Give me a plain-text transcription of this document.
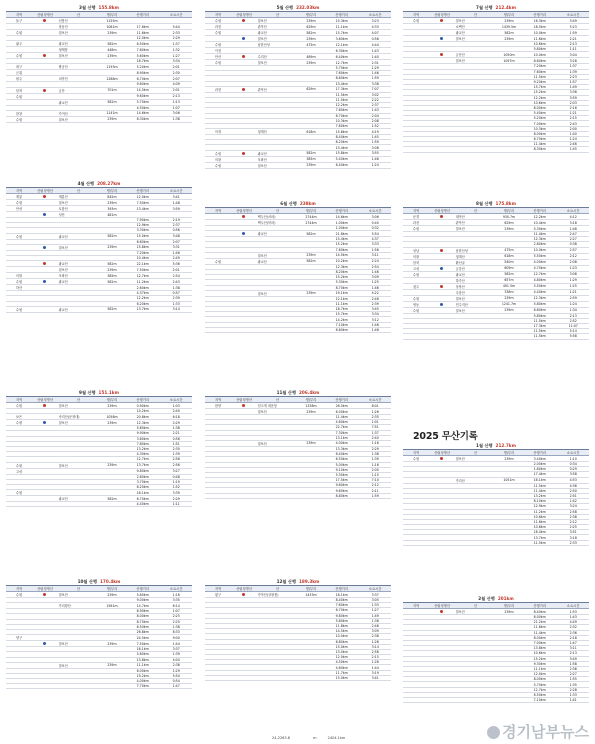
3월 산행 155.8km
지역	산림청명산	산	명/부리	산행거리	소요시간
둘구		선봉산	1155m		
		창동산	1081m	17.6km	5:44
수원		칠보산	239m	11.6km	2:33
				12.0km	2:29
광주		광교산	582m	6.50km	1:37
		형제봉	448m	7.60km	1:32
수원		칠보산	239m	5.60km	1:27
				16.7km	3:34
대구		팔공산	1193m	5.20km	2:01
군위				8.90km	2:30
원주		치악산	1288m	6.70km	2:07
				9.60km	4:09
삼척		금산	701m	14.5km	2:01
수원				9.60km	2:13
		광교산	582m	5.70km	1:13
				4.50km	1:07
함창		가여산	1141m	14.6km	3:06
수원		칠보산	239m	6.30km	1:38
4월 산행 208.27km
지역	산림청명산	산	명/부리	산행거리	소요시간
계룡		계룡산	845m	12.0km	3:41
수원		칠보산	239m	7.50km	1:48
안성		토함산	393m	13.4km	3:59
		성산	481m		
				7.90km	2:19
				12.9km	2:37
				3.30km	0:56
수원		광교산	582m	15.0km	3:48
				6.60km	2:07
		칠보산	239m	15.8km	3:31
				7.20km	1:46
				10.4km	2:49
		광교산	582m	22.1km	5:36
		칠보산	239m	7.50km	2:01
의왕		모락산	385m	12.7km	2:54
수원		광교산	582m	11.2km	2:43
하산				2.60km	1:38
				4.37km	0:57
				12.2km	2:39
				6.20km	1:33
수원		광교산	582m	13.7km	3:14
5월 산행 232.03km
지역	산림청명산	산	명/부리	산행거리	소요시간
수원		칠보산	239m	15.3km	3:23
과천		관악산	629m	11.1km	4:33
수원		광교산	582m	15.7km	4:07
		칠보산	239m	3.60km	0:58
수원		남한산성	475m	12.1km	4:44
이천				6.30km	1:43
안산		수리산	489m	6.40km	1:40
수원		칠보산	239m	12.7km	2:31
				5.70km	1:29
				7.60km	1:46
				8.60km	1:59
				13.4km	3:38
과천		관악산	629m	17.3km	7:07
				11.5km	3:02
				11.5km	2:22
				12.2km	2:37
				7.60km	1:43
				8.70km	2:04
				10.3km	2:08
				7.60km	1:52
의정		청계산	618m	15.8km	4:19
				8.40km	1:45
				8.20km	1:59
				13.4km	3:08
수원		광교산	582m	15.8km	3:55
의왕		모락산	385m	5.40km	1:46
수원		칠보산	239m	6.40km	1:24
6월 산행 238km
지역	산림청명산	산	명/부리	산행거리	소요시간
		백두산(서파)	2744m	14.6km	3:06
		백두산(북파)	2744m	1.00km	0:40
				1.00km	0:32
		광교산	582m	21.8km	5:54
				15.4km	4:37
				15.2km	3:33
				7.60km	1:56
		칠보산	239m	14.5km	3:11
수원		광교산	582m	10.2km	2:24
				12.3km	2:54
				8.20km	1:46
				15.2km	3:09
				5.30km	1:25
				8.70km	1:46
		칠보산	239m	19.1km	4:22
				12.1km	2:46
				11.1km	2:39
				18.7km	3:45
				15.7km	3:34
				14.2km	3:12
				7.10km	1:46
				6.60km	1:46
7월 산행 212.4km
지역	산림청명산	산	명/부리	산행거리	소요시간
수원		칠보산	239m	16.3km	3:49
		소백산	1439.5m	18.5km	5:23
		광교산	582m	10.0km	1:59
		칠보산	239m	11.6km	2:21
				10.6km	2:13
				5.80km	1:11
		금산산	1050m	10.0km	3:04
		칠보산	1097m	8.60km	3:28
				7.20km	1:37
				7.60km	1:39
				11.5km	2:23
				9.20km	1:57
				15.7km	1:49
				15.2km	3:36
				12.2km	3:59
				10.6km	2:03
				8.00km	2:16
				5.40km	1:21
				5.20km	2:15
				7.00km	2:43
				10.3km	2:00
				8.00km	1:40
				6.70km	1:24
				11.4km	2:46
				8.30km	1:45
8월 산행 175.8km
지역	산림청명산	산	명/부리	산행거리	소요시간
문경		대야산	930.7m	12.2km	4:12
과천		관악산	629m	10.4km	3:18
수원		칠보산	239m	5.30km	1:48
				11.4km	2:47
				12.3km	2:27
				2.80km	0:38
성남		남한산성	475m	10.0km	2:57
의왕		청계산	618m	5.50km	2:12
삼척		환선굴	540m	4.00km	2:08
고성		금강산	609m	4.70km	1:23
수원		광교산	582m	12.7km	3:08
		하가산	657m	4.80km	1:29
청주		상당산	491.5m	5.50km	1:25
		우암산	338m	4.40km	1:21
수원		칠보산	239m	12.3km	2:59
영동		민주지산	1241.7m	5.80km	1:24
수원		칠보산	239m	6.60km	1:34
				5.80km	2:13
				11.5km	2:52
				17.3km	11:07
				11.5km	5:14
				11.5km	5:58
9월 산행 151.1km
지역	산림청명산	산	명/부리	산행거리	소요시간
수원		칠보산	239m	0.90km	1:03
				10.2km	2:49
보은		속리산(문장대)	1058m	20.8km	6:18
수원		칠보산	239m	12.3km	2:29
				5.80km	1:38
				9.90km	2:21
				3.60km	0:56
				7.80km	1:51
				13.2km	2:30
				4.30km	1:39
				12.7km	2:56
수원		칠보산	239m	13.7km	2:56
고성				9.80km	3:27
				2.60km	0:48
				3.70km	1:19
				8.20km	1:52
수원				16.1km	3:39
		광교산	582m	6.70km	2:29
				4.40km	1:11
10월 산행 170.4km
지역	산림청명산	산	명/부리	산행거리	소요시간
수원		칠보산	239m	5.60km	1:16
				9.00km	3:35
		가리왕산	1561m	14.7km	6:14
				6.90km	1:07
				8.00km	2:25
				8.70km	2:25
				6.50km	1:38
				26.8km	8:33
양구				24.5km	9:00
		칠보산	239m	7.50km	1:44
				16.1km	3:37
				5.60km	1:39
				13.6km	4:04
		칠보산	239m	11.1km	2:38
				6.00km	1:29
				19.2km	5:54
				4.00km	0:54
				7.70km	1:47
11월 산행 206.4km
지역	산림청명산	산	명/부리	산행거리	소요시간
함양		천고개 대운봉	1338m	28.5km	8:01
		칠보산	239m	6.00km	1:26
				11.4km	2:35
				4.60km	1:01
				22.7km	7:51
				7.30km	1:37
				13.1km	2:40
		칠보산	239m	4.00km	1:16
				13.3km	2:29
				6.40km	1:38
				6.50km	1:39
				5.00km	1:16
				9.10km	2:00
				5.30km	1:15
				17.5km	7:10
				9.60km	2:12
				9.60km	2:11
				8.80km	1:59
12월 산행 189.3km
지역	산림청명산	산	명/부리	산행거리	소요시간
횡구		가야산(상왕봉)	1433m	18.1km	3:37
				8.40km	3:05
				7.60km	1:33
				6.70km	1:27
				9.80km	1:49
				5.80km	1:38
				11.8km	2:46
				14.5km	3:09
				10.0km	2:38
				6.80km	1:28
				15.0km	3:14
				13.0km	2:58
				12.0km	2:15
				4.50km	1:26
				4.60km	1:44
				11.7km	3:19
				15.0km	3:41
1월 산행 212.7km
지역	산림청명산	산	명/부리	산행거리	소요시간
수원		칠보산	239m	3.40km	1:10
				2.00km	0:34
				1.80km	0:29
				17.4km	3:58
		가리산	1051m	16.1km	4:53
				11.5km	4:36
				11.4km	2:50
				13.2km	2:51
				8.10km	1:42
				12.9km	3:24
				11.2km	2:58
				10.6km	2:38
				11.6km	2:12
				10.6km	2:25
				16.4km	3:51
				13.7km	3:18
				11.5km	2:33
2월 산행 201km
지역	산림청명산	산	명/부리	산행거리	소요시간
		칠보산	239m	8.40km	1:53
				6.00km	1:43
				21.2km	4:49
				11.6km	2:32
				11.4km	2:36
				8.00km	2:18
				7.00km	1:47
				13.8km	3:11
				10.6km	2:13
				15.2km	3:49
				9.30km	1:58
				11.1km	2:36
				12.0km	2:27
				8.00km	1:55
				5.70km	1:35
				12.7km	2:28
				6.50km	1:33
				7.10km	1:41
2025 무산기록
경기남부뉴스
24-2263.8	m	2404.1km
